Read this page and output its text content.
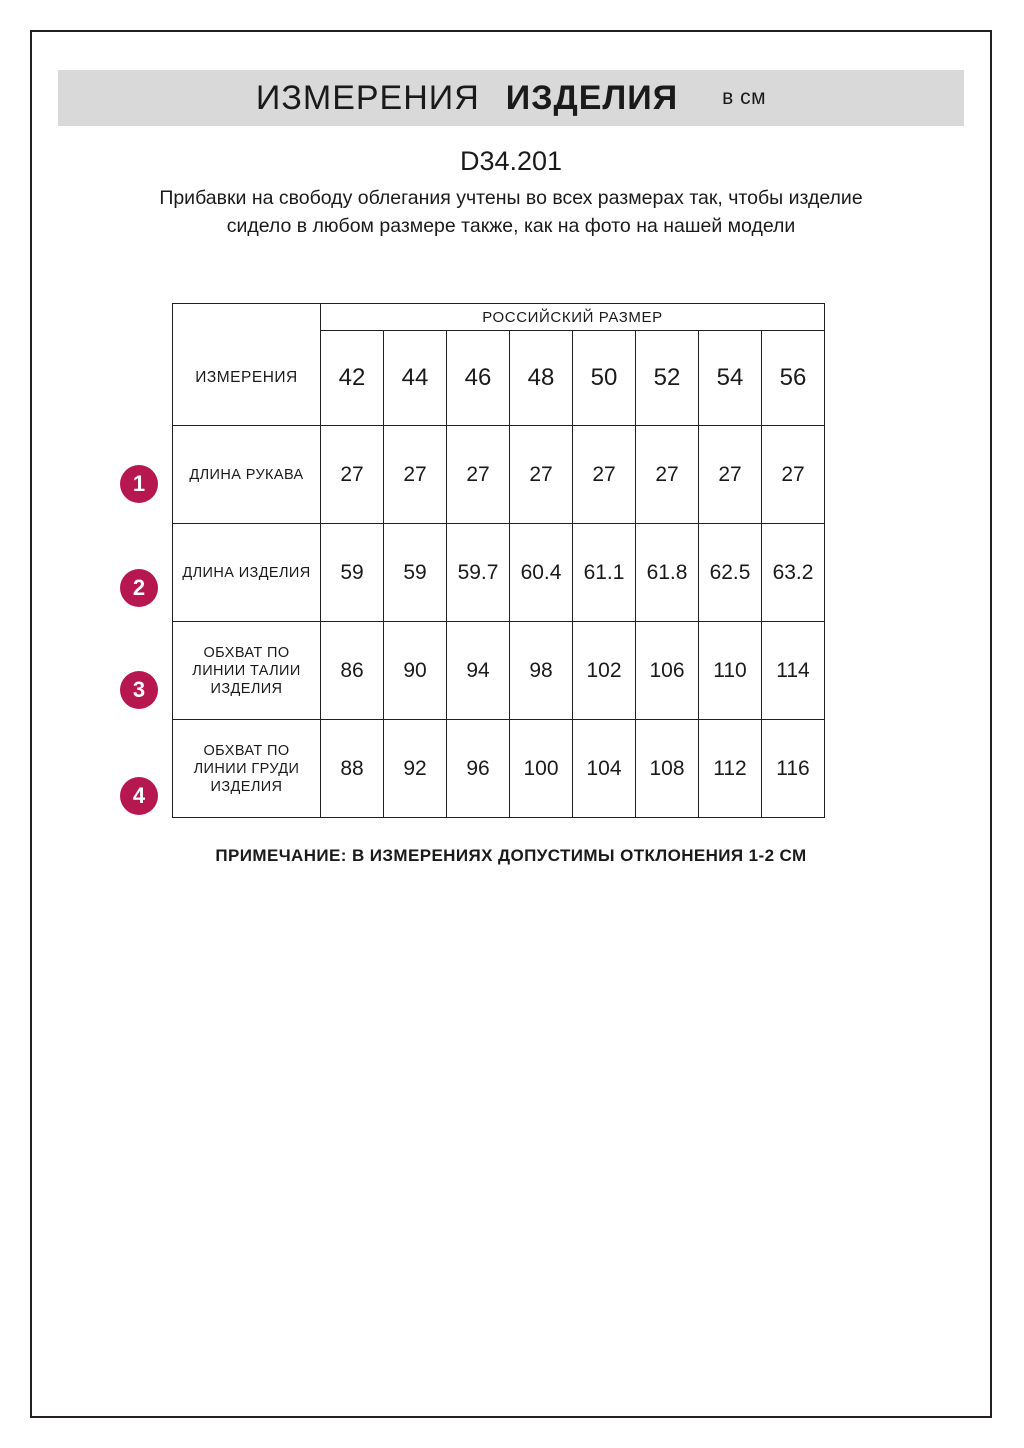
ИЗМЕРЕНИЯ ИЗДЕЛИЯ в см
D34.201
Прибавки на свободу облегания учтены во всех размерах так, чтобы изделие сидело в любом размере также, как на фото на нашей модели
1
2
3
4
	РОССИЙСКИЙ РАЗМЕР							
ИЗМЕРЕНИЯ	42	44	46	48	50	52	54	56
ДЛИНА РУКАВА	27	27	27	27	27	27	27	27
ДЛИНА ИЗДЕЛИЯ	59	59	59.7	60.4	61.1	61.8	62.5	63.2
ОБХВАТ ПО ЛИНИИ ТАЛИИ ИЗДЕЛИЯ	86	90	94	98	102	106	110	114
ОБХВАТ ПО ЛИНИИ ГРУДИ ИЗДЕЛИЯ	88	92	96	100	104	108	112	116
ПРИМЕЧАНИЕ: В ИЗМЕРЕНИЯХ ДОПУСТИМЫ ОТКЛОНЕНИЯ 1-2 СМ
